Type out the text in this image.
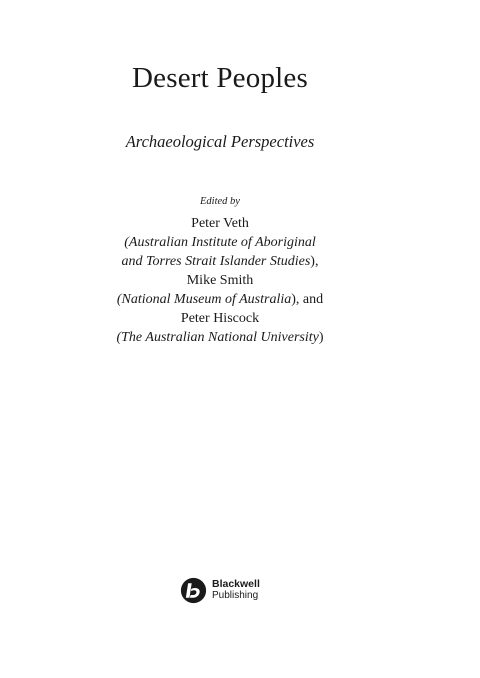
Desert Peoples
Archaeological Perspectives
Edited by
Peter Veth
(Australian Institute of Aboriginal
and Torres Strait Islander Studies),
Mike Smith
(National Museum of Australia), and
Peter Hiscock
(The Australian National University)
Blackwell
Publishing
